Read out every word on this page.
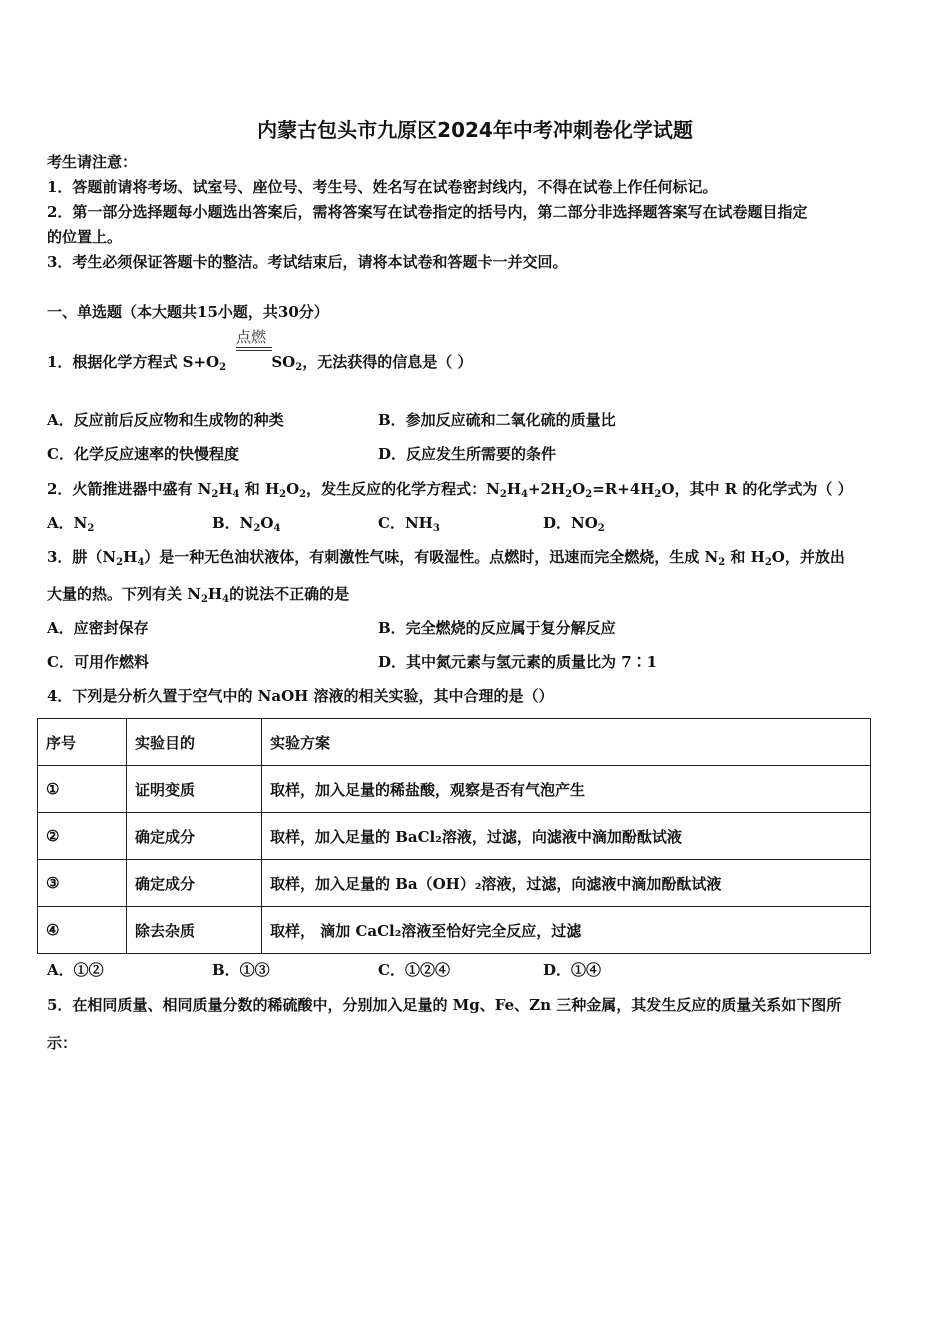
内蒙古包头市九原区2024年中考冲刺卷化学试题
考生请注意：
1．答题前请将考场、试室号、座位号、考生号、姓名写在试卷密封线内，不得在试卷上作任何标记。
2．第一部分选择题每小题选出答案后，需将答案写在试卷指定的括号内，第二部分非选择题答案写在试卷题目指定
的位置上。
3．考生必须保证答题卡的整洁。考试结束后，请将本试卷和答题卡一并交回。
一、单选题（本大题共15小题，共30分）
1．根据化学方程式 $S+O_2$	$SO_2$，无法获得的信息是（ ）
点燃
A．反应前后反应物和生成物的种类	B．参加反应硫和二氧化硫的质量比
C．化学反应速率的快慢程度	D．反应发生所需要的条件
2．火箭推进器中盛有 $N_2H_4$ 和 $H_2O_2$，发生反应的化学方程式：$N_2H_4+2H_2O_2=R+4H_2O$，其中 R 的化学式为（ ）
A．$N_2$	B．$N_2O_4$	C．$NH_3$	D．$NO_2$
3．肼$(N_2H_4)$是一种无色油状液体，有刺激性气味，有吸湿性。点燃时，迅速而完全燃烧，生成 $N_2$ 和 $H_2O$，并放出
大量的热。下列有关 $N_2H_4$的说法不正确的是
A．应密封保存	B．完全燃烧的反应属于复分解反应
C．可用作燃料	D．其中氮元素与氢元素的质量比为 7∶1
4．下列是分析久置于空气中的 NaOH 溶液的相关实验，其中合理的是（）
序号	实验目的	实验方案
①	证明变质	取样，加入足量的稀盐酸，观察是否有气泡产生
②	确定成分	取样，加入足量的 BaCl₂溶液，过滤，向滤液中滴加酚酞试液
③	确定成分	取样，加入足量的 Ba（OH）₂溶液，过滤，向滤液中滴加酚酞试液
④	除去杂质	取样， 滴加 CaCl₂溶液至恰好完全反应，过滤
A．①②	B．①③	C．①②④	D．①④
5．在相同质量、相同质量分数的稀硫酸中，分别加入足量的 Mg、Fe、Zn 三种金属，其发生反应的质量关系如下图所
示：
